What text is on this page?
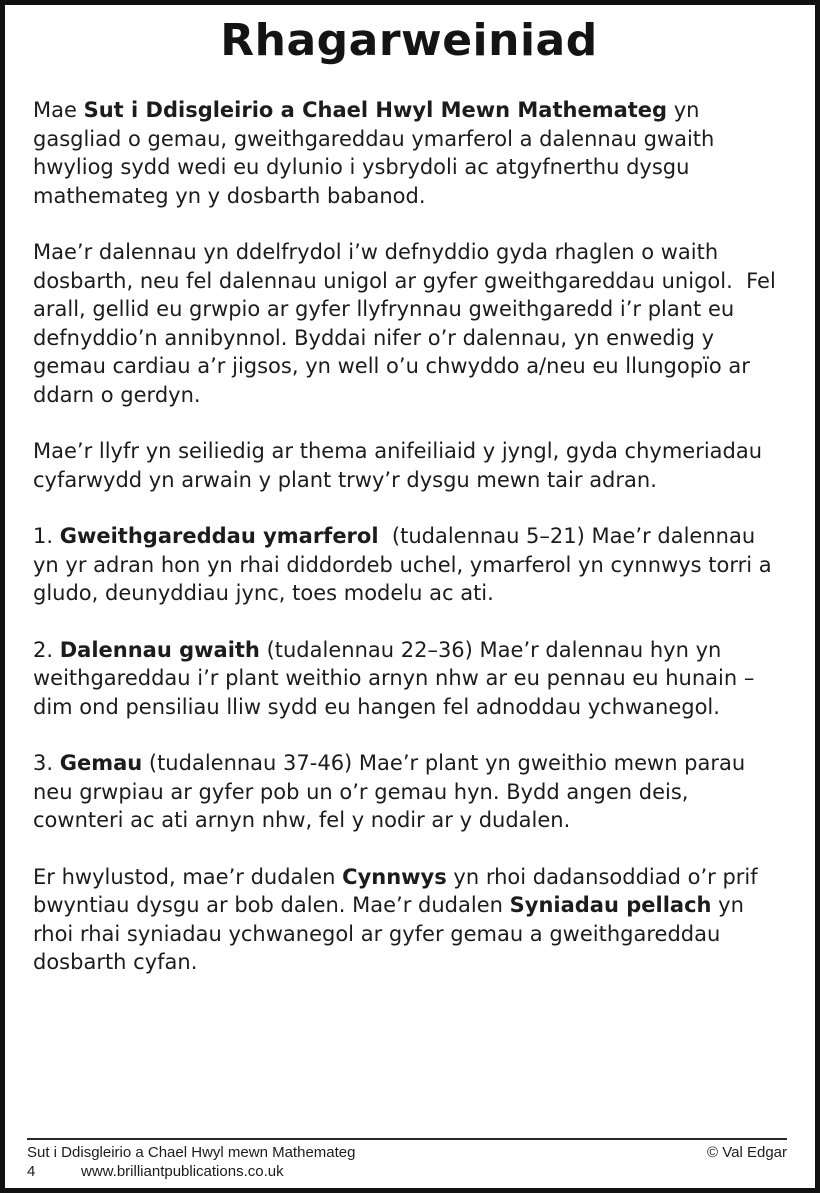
Rhagarweiniad

Mae Sut i Ddisgleirio a Chael Hwyl Mewn Mathemateg yn gasgliad o gemau, gweithgareddau ymarferol a dalennau gwaith hwyliog sydd wedi eu dylunio i ysbrydoli ac atgyfnerthu dysgu mathemateg yn y dosbarth babanod.

Mae’r dalennau yn ddelfrydol i’w defnyddio gyda rhaglen o waith dosbarth, neu fel dalennau unigol ar gyfer gweithgareddau unigol.  Fel arall, gellid eu grwpio ar gyfer llyfrynnau gweithgaredd i’r plant eu defnyddio’n annibynnol. Byddai nifer o’r dalennau, yn enwedig y gemau cardiau a’r jigsos, yn well o’u chwyddo a/neu eu llungopïo ar ddarn o gerdyn.

Mae’r llyfr yn seiliedig ar thema anifeiliaid y jyngl, gyda chymeriadau cyfarwydd yn arwain y plant trwy’r dysgu mewn tair adran.

1. Gweithgareddau ymarferol  (tudalennau 5–21) Mae’r dalennau yn yr adran hon yn rhai diddordeb uchel, ymarferol yn cynnwys torri a gludo, deunyddiau jync, toes modelu ac ati.

2. Dalennau gwaith (tudalennau 22–36) Mae’r dalennau hyn yn weithgareddau i’r plant weithio arnyn nhw ar eu pennau eu hunain – dim ond pensiliau lliw sydd eu hangen fel adnoddau ychwanegol.

3. Gemau (tudalennau 37-46) Mae’r plant yn gweithio mewn parau neu grwpiau ar gyfer pob un o’r gemau hyn. Bydd angen deis, cownteri ac ati arnyn nhw, fel y nodir ar y dudalen.

Er hwylustod, mae’r dudalen Cynnwys yn rhoi dadansoddiad o’r prif bwyntiau dysgu ar bob dalen. Mae’r dudalen Syniadau pellach yn rhoi rhai syniadau ychwanegol ar gyfer gemau a gweithgareddau dosbarth cyfan.

Sut i Ddisgleirio a Chael Hwyl mewn Mathemateg	© Val Edgar
4	www.brilliantpublications.co.uk
